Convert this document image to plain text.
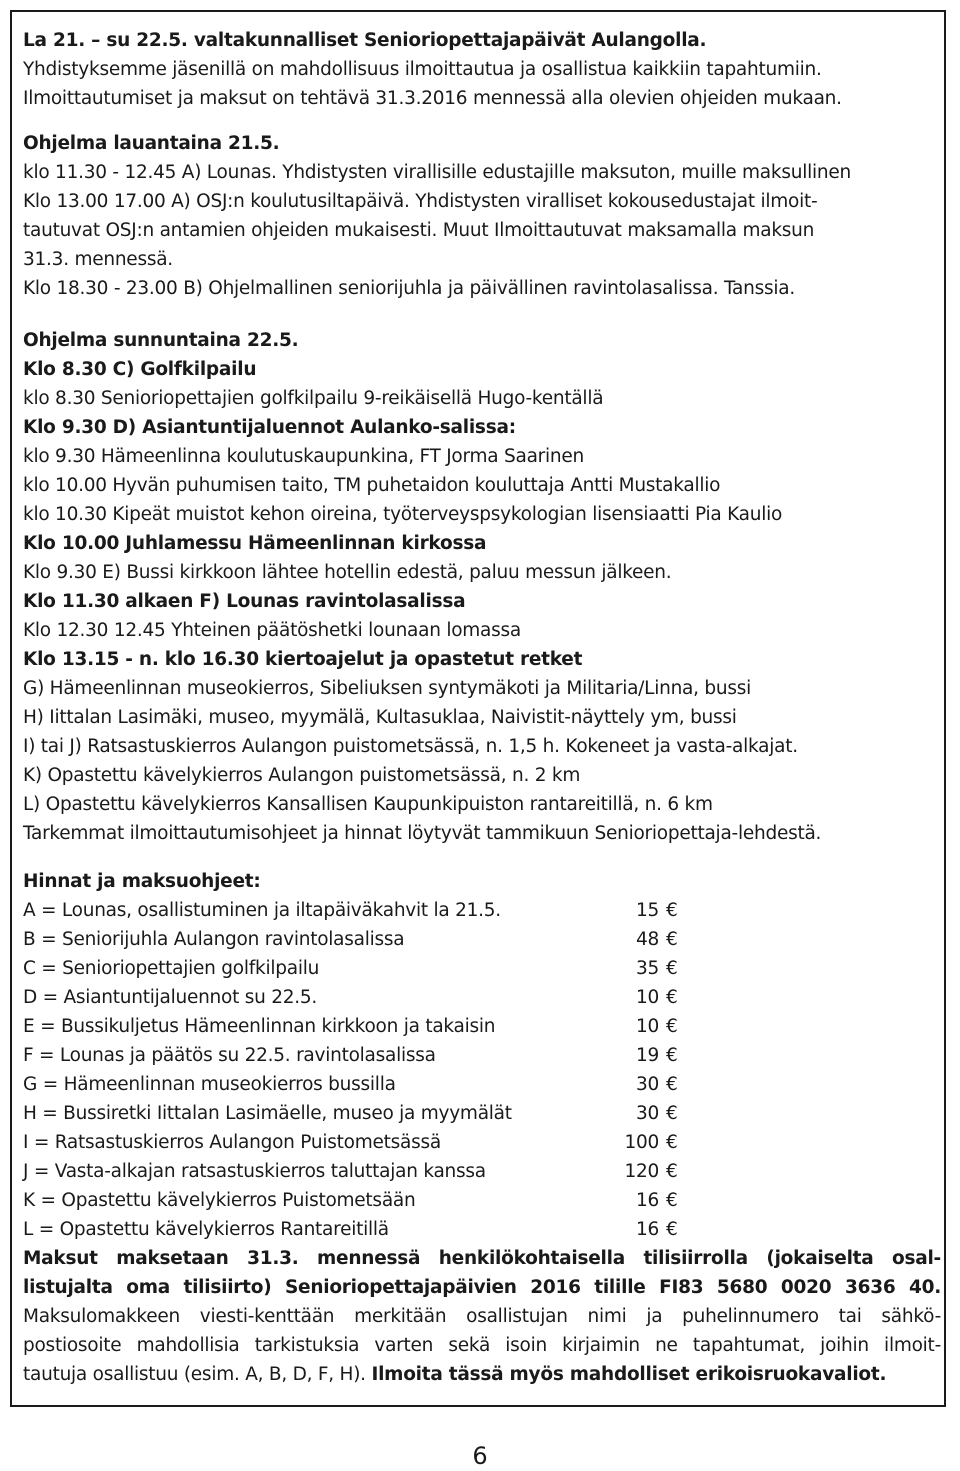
La 21. – su 22.5. valtakunnalliset Senioriopettajapäivät Aulangolla.
Yhdistyksemme jäsenillä on mahdollisuus ilmoittautua ja osallistua kaikkiin tapahtumiin.
Ilmoittautumiset ja maksut on tehtävä 31.3.2016 mennessä alla olevien ohjeiden mukaan.
Ohjelma lauantaina 21.5.
klo 11.30 - 12.45 A) Lounas. Yhdistysten virallisille edustajille maksuton, muille maksullinen
Klo 13.00 17.00 A) OSJ:n koulutusiltapäivä. Yhdistysten viralliset kokousedustajat ilmoit-
tautuvat OSJ:n antamien ohjeiden mukaisesti. Muut Ilmoittautuvat maksamalla maksun
31.3. mennessä.
Klo 18.30 - 23.00 B) Ohjelmallinen seniorijuhla ja päivällinen ravintolasalissa. Tanssia.
Ohjelma sunnuntaina 22.5.
Klo 8.30 C) Golfkilpailu
klo 8.30 Senioriopettajien golfkilpailu 9-reikäisellä Hugo-kentällä
Klo 9.30 D) Asiantuntijaluennot Aulanko-salissa:
klo 9.30 Hämeenlinna koulutuskaupunkina, FT Jorma Saarinen
klo 10.00 Hyvän puhumisen taito, TM puhetaidon kouluttaja Antti Mustakallio
klo 10.30 Kipeät muistot kehon oireina, työterveyspsykologian lisensiaatti Pia Kaulio
Klo 10.00 Juhlamessu Hämeenlinnan kirkossa
Klo 9.30 E) Bussi kirkkoon lähtee hotellin edestä, paluu messun jälkeen.
Klo 11.30 alkaen F) Lounas ravintolasalissa
Klo 12.30 12.45 Yhteinen päätöshetki lounaan lomassa
Klo 13.15 - n. klo 16.30 kiertoajelut ja opastetut retket
G) Hämeenlinnan museokierros, Sibeliuksen syntymäkoti ja Militaria/Linna, bussi
H) Iittalan Lasimäki, museo, myymälä, Kultasuklaa, Naivistit-näyttely ym, bussi
I) tai J) Ratsastuskierros Aulangon puistometsässä, n. 1,5 h. Kokeneet ja vasta-alkajat.
K) Opastettu kävelykierros Aulangon puistometsässä, n. 2 km
L) Opastettu kävelykierros Kansallisen Kaupunkipuiston rantareitillä, n. 6 km
Tarkemmat ilmoittautumisohjeet ja hinnat löytyvät tammikuun Senioriopettaja-lehdestä.
Hinnat ja maksuohjeet:
A = Lounas, osallistuminen ja iltapäiväkahvit la 21.5.	15 €
B = Seniorijuhla Aulangon ravintolasalissa	48 €
C = Senioriopettajien golfkilpailu	35 €
D = Asiantuntijaluennot su 22.5.	10 €
E = Bussikuljetus Hämeenlinnan kirkkoon ja takaisin	10 €
F = Lounas ja päätös su 22.5. ravintolasalissa	19 €
G = Hämeenlinnan museokierros bussilla	30 €
H = Bussiretki Iittalan Lasimäelle, museo ja myymälät	30 €
I = Ratsastuskierros Aulangon Puistometsässä	100 €
J = Vasta-alkajan ratsastuskierros taluttajan kanssa	120 €
K = Opastettu kävelykierros Puistometsään	16 €
L = Opastettu kävelykierros Rantareitillä	16 €
Maksut maksetaan 31.3. mennessä henkilökohtaisella tilisiirrolla (jokaiselta osal-
listujalta oma tilisiirto) Senioriopettajapäivien 2016 tilille FI83 5680 0020 3636 40.
Maksulomakkeen viesti-kenttään merkitään osallistujan nimi ja puhelinnumero tai sähkö-
postiosoite mahdollisia tarkistuksia varten sekä isoin kirjaimin ne tapahtumat, joihin ilmoit-
tautuja osallistuu (esim. A, B, D, F, H). Ilmoita tässä myös mahdolliset erikoisruokavaliot.
6
